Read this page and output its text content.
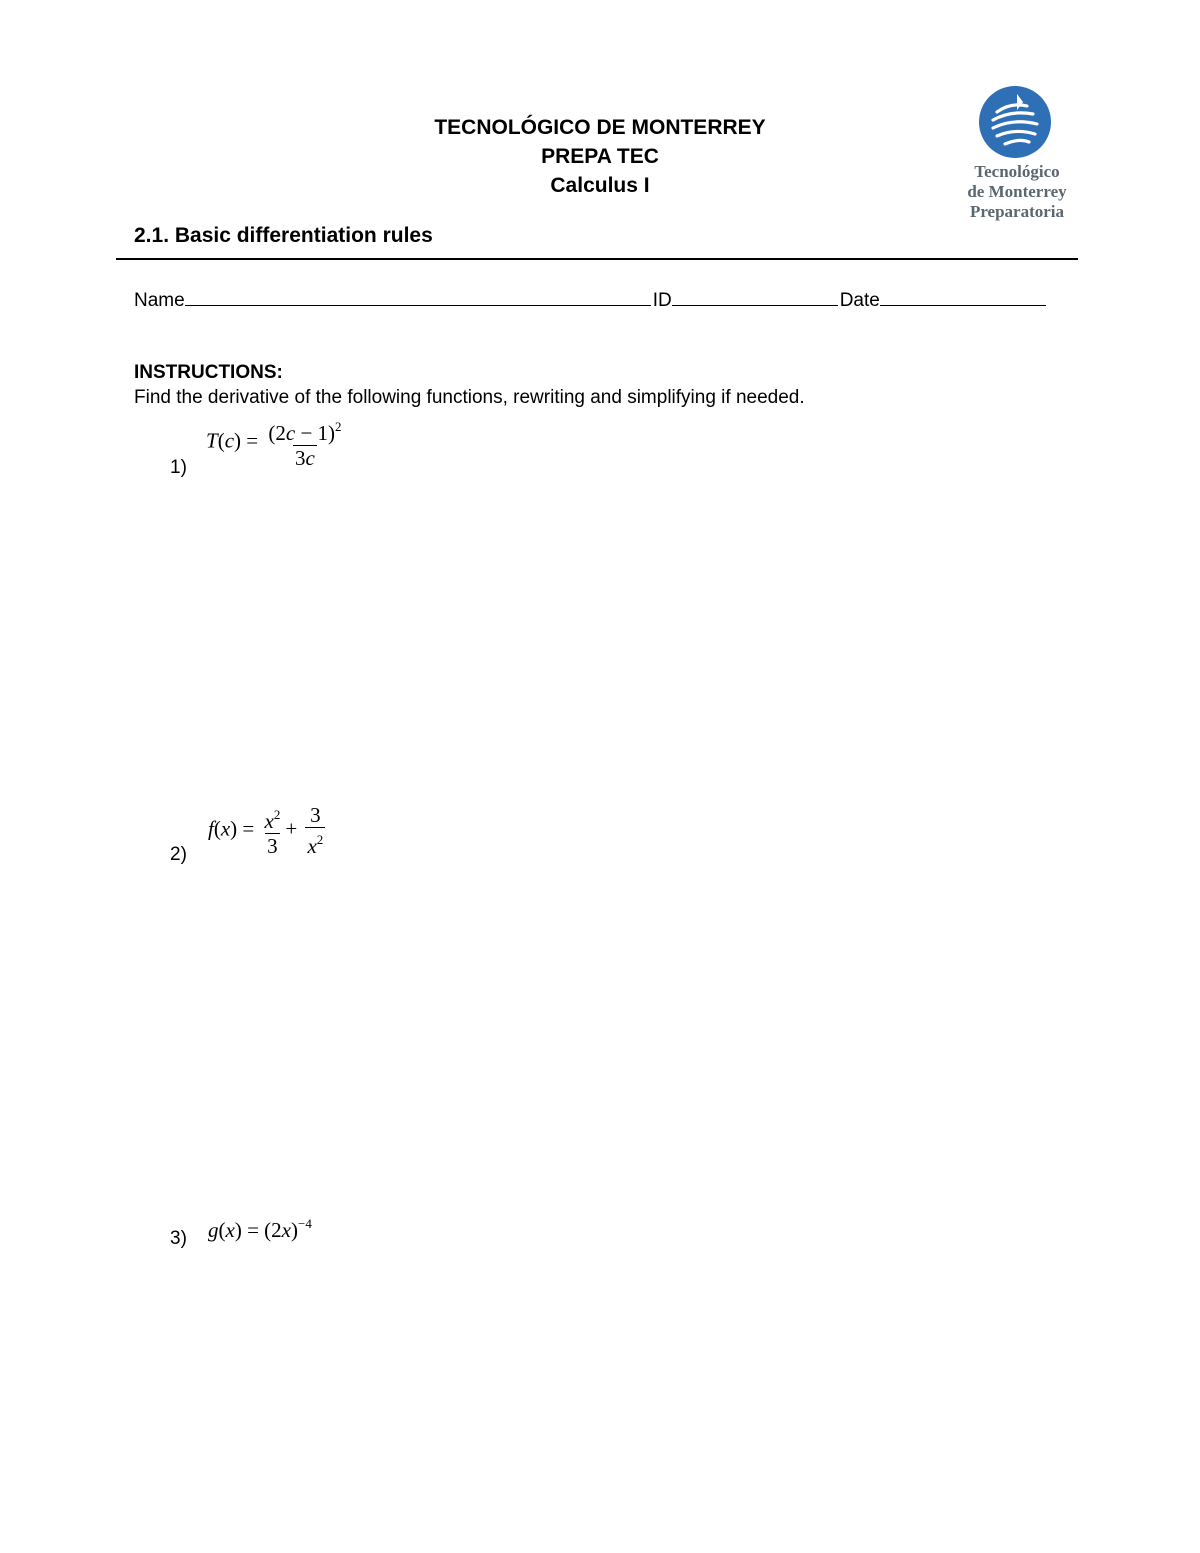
TECNOLÓGICO DE MONTERREY
PREPA TEC
Calculus I
Tecnológico
de Monterrey
Preparatoria
2.1. Basic differentiation rules
Name	ID	Date
INSTRUCTIONS:
Find the derivative of the following functions, rewriting and simplifying if needed.
1)
$T(c) = \frac{(2c - 1)^2}{3c}$
2)
$f(x) = \frac{x^2}{3} + \frac{3}{x^2}$
3) $g(x) = (2x)^{-4}$
